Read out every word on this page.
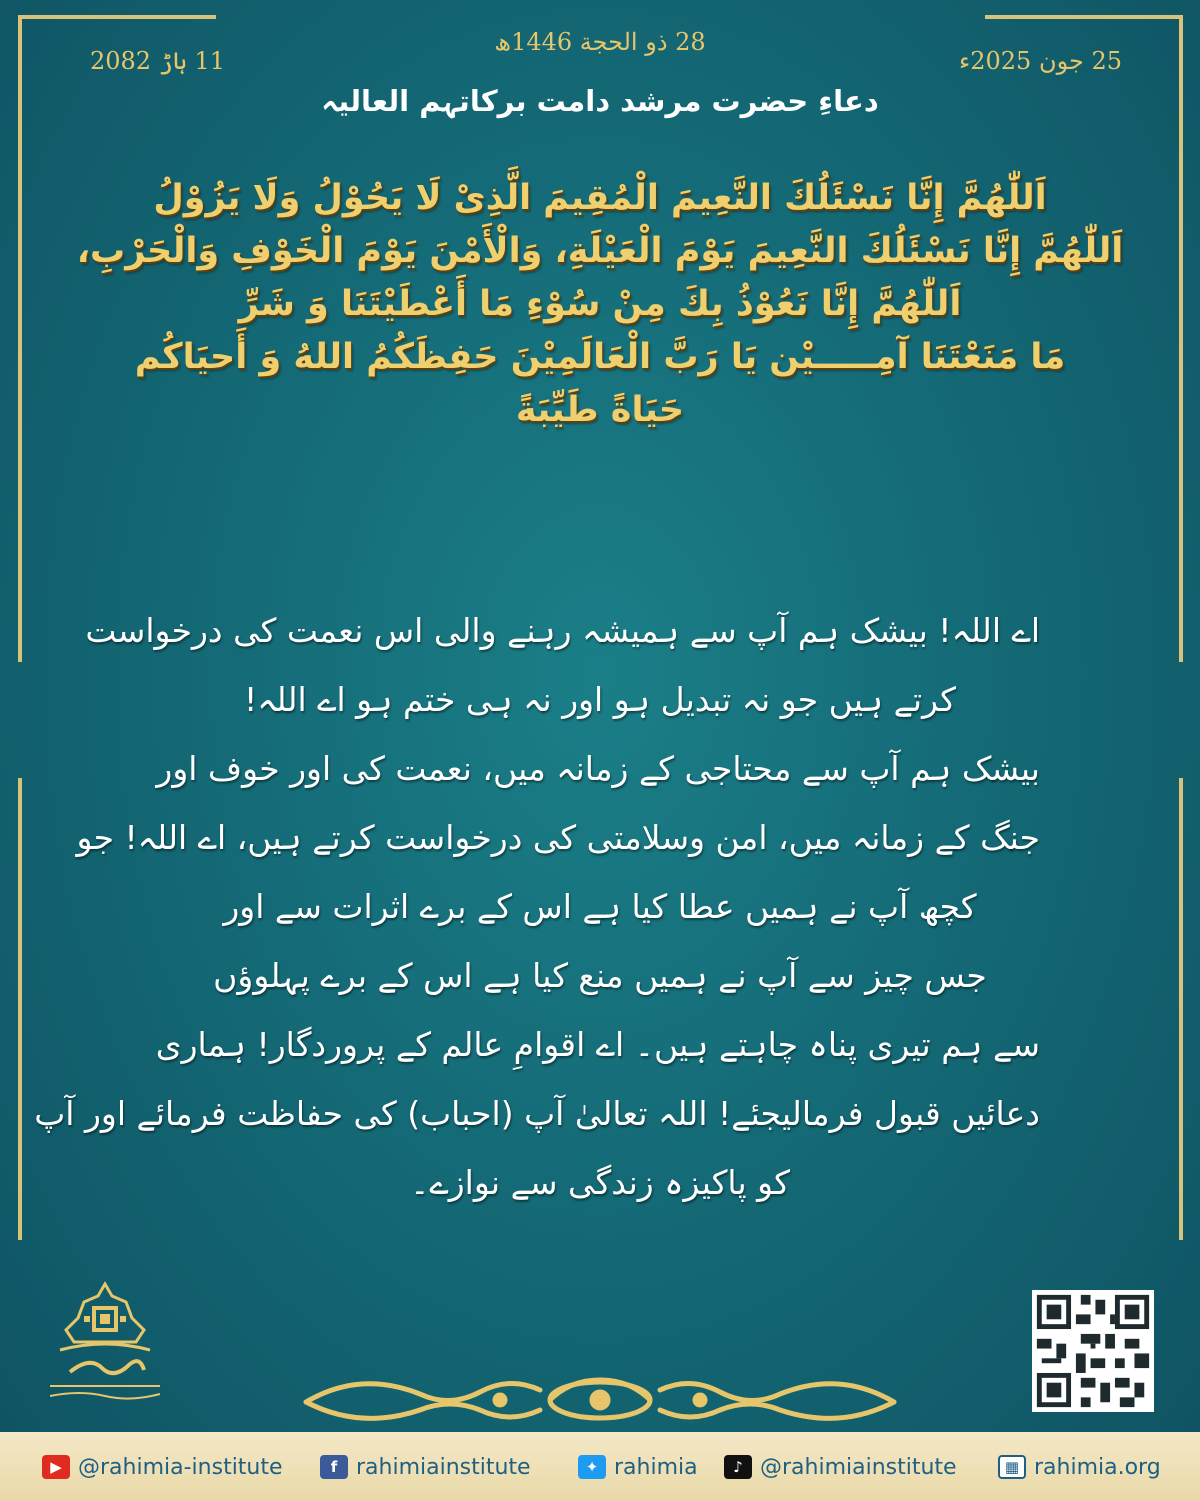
28 ذو الحجة 1446ھ
25 جون 2025ء
11 ہاڑ 2082
دعاءِ حضرت مرشد دامت برکاتہم العالیہ
اَللّٰهُمَّ إِنَّا نَسْئَلُكَ النَّعِيمَ الْمُقِيمَ الَّذِىْ لَا يَحُوْلُ وَلَا يَزُوْلُ
اَللّٰهُمَّ إِنَّا نَسْئَلُكَ النَّعِيمَ يَوْمَ الْعَيْلَةِ، وَالْأَمْنَ يَوْمَ الْخَوْفِ وَالْحَرْبِ،
اَللّٰهُمَّ إِنَّا نَعُوْذُ بِكَ مِنْ سُوْءِ مَا أَعْطَيْتَنَا وَ شَرِّ
مَا مَنَعْتَنَا آمِـــــيْن يَا رَبَّ الْعَالَمِيْنَ حَفِظَكُمُ اللهُ وَ أَحيَاكُم
حَيَاةً طَيِّبَةً
اے اللہ! بیشک ہم آپ سے ہمیشہ رہنے والی اس نعمت کی درخواست
کرتے ہیں جو نہ تبدیل ہو اور نہ ہی ختم ہو اے اللہ!
بیشک ہم آپ سے محتاجی کے زمانہ میں، نعمت کی اور خوف اور
جنگ کے زمانہ میں، امن وسلامتی کی درخواست کرتے ہیں، اے اللہ! جو
کچھ آپ نے ہمیں عطا کیا ہے اس کے برے اثرات سے اور
جس چیز سے آپ نے ہمیں منع کیا ہے اس کے برے پہلوؤں
سے ہم تیری پناہ چاہتے ہیں۔ اے اقوامِ عالم کے پروردگار! ہماری
دعائیں قبول فرمالیجئے! اللہ تعالیٰ آپ (احباب) کی حفاظت فرمائے اور آپ
کو پاکیزہ زندگی سے نوازے۔
▶ @rahimia-institute	f rahimiainstitute	✦ rahimia	♪ @rahimiainstitute	▦ rahimia.org
